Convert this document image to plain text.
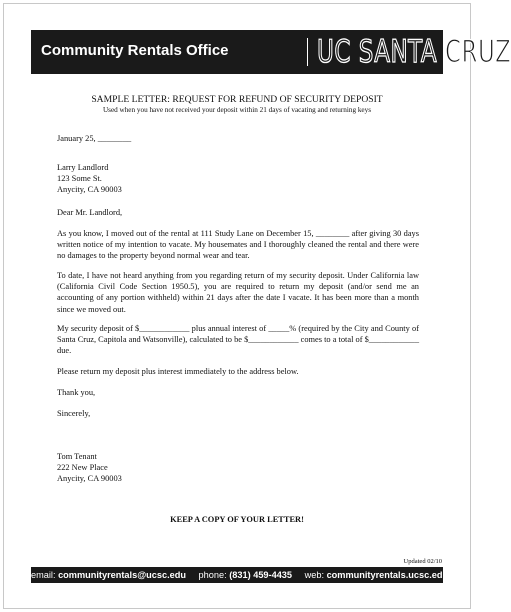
Community Rentals Office	UC SANTA CRUZ
SAMPLE LETTER: REQUEST FOR REFUND OF SECURITY DEPOSIT
Used when you have not received your deposit within 21 days of vacating and returning keys
January 25, ________
Larry Landlord
123 Some St.
Anycity, CA 90003
Dear Mr. Landlord,
As you know, I moved out of the rental at 111 Study Lane on December 15, ________ after giving 30 days written notice of my intention to vacate. My housemates and I thoroughly cleaned the rental and there were no damages to the property beyond normal wear and tear.
To date, I have not heard anything from you regarding return of my security deposit. Under California law (California Civil Code Section 1950.5), you are required to return my deposit (and/or send me an accounting of any portion withheld) within 21 days after the date I vacate. It has been more than a month since we moved out.
My security deposit of $____________ plus annual interest of _____% (required by the City and County of Santa Cruz, Capitola and Watsonville), calculated to be $____________ comes to a total of $____________ due.
Please return my deposit plus interest immediately to the address below.
Thank you,
Sincerely,
Tom Tenant
222 New Place
Anycity, CA 90003
KEEP A COPY OF YOUR LETTER!
Updated 02/10
email: communityrentals@ucsc.edu phone: (831) 459-4435 web: communityrentals.ucsc.edu
